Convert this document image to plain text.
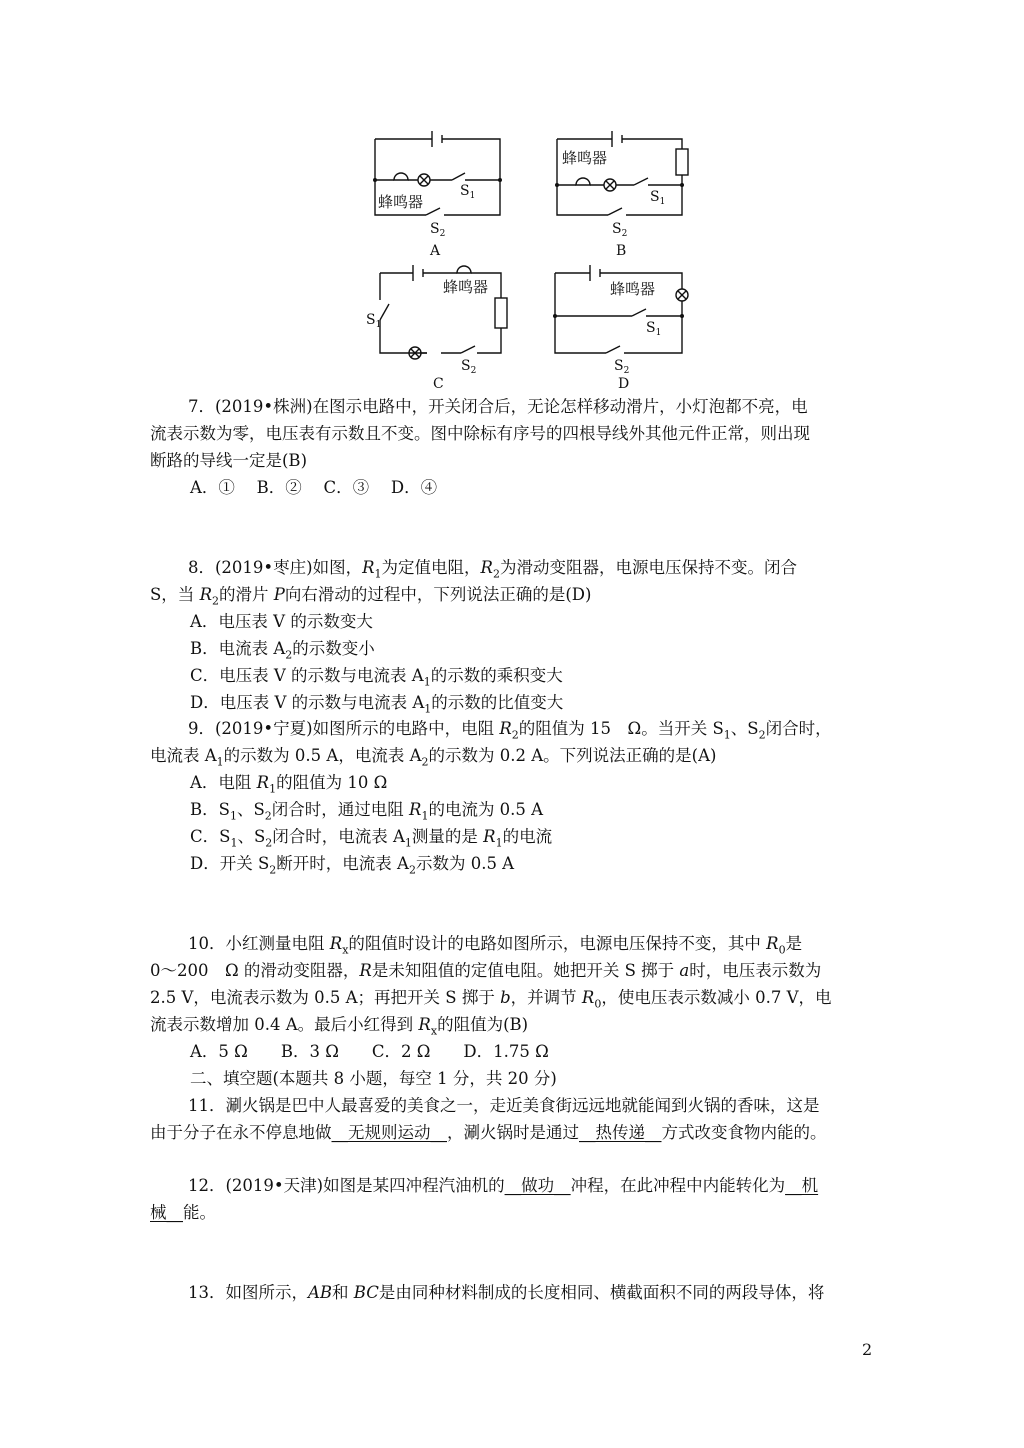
蜂鸣器
$S_1$
$S_2$
A
蜂鸣器
$S_1$
$S_2$
B
蜂鸣器
$S_1$
$S_2$
C
蜂鸣器
$S_1$
$S_2$
D
7．(2019•株洲)在图示电路中，开关闭合后，无论怎样移动滑片，小灯泡都不亮，电
流表示数为零，电压表有示数且不变。图中除标有序号的四根导线外其他元件正常，则出现
断路的导线一定是(B)
A．①　 B．②　 C．③　 D．④
8．(2019•枣庄)如图，$R_1$为定值电阻，$R_2$为滑动变阻器，电源电压保持不变。闭合
S，当 $R_2$的滑片 P向右滑动的过程中，下列说法正确的是(D)
A．电压表 V 的示数变大
B．电流表 $A_2$的示数变小
C．电压表 V 的示数与电流表 $A_1$的示数的乘积变大
D．电压表 V 的示数与电流表 $A_1$的示数的比值变大
9．(2019•宁夏)如图所示的电路中，电阻 $R_2$的阻值为 15　Ω。当开关 $S_1$、$S_2$闭合时，
电流表 $A_1$的示数为 0.5 A，电流表 $A_2$的示数为 0.2 A。下列说法正确的是(A)
A．电阻 $R_1$的阻值为 10 Ω
B．$S_1$、$S_2$闭合时，通过电阻 $R_1$的电流为 0.5 A
C．$S_1$、$S_2$闭合时，电流表 $A_1$测量的是 $R_1$的电流
D．开关 $S_2$断开时，电流表 $A_2$示数为 0.5 A
10．小红测量电阻 $R_x$的阻值时设计的电路如图所示，电源电压保持不变，其中 $R_0$是
0～200　Ω 的滑动变阻器，R是未知阻值的定值电阻。她把开关 S 掷于 a时，电压表示数为
2.5 V，电流表示数为 0.5 A；再把开关 S 掷于 b，并调节 $R_0$，使电压表示数减小 0.7 V，电
流表示数增加 0.4 A。最后小红得到 $R_x$的阻值为(B)
A．5 Ω　　B．3 Ω　　C．2 Ω　　D．1.75 Ω
二、填空题(本题共 8 小题，每空 1 分，共 20 分)
11．涮火锅是巴中人最喜爱的美食之一，走近美食街远远地就能闻到火锅的香味，这是
由于分子在永不停息地做__无规则运动__，涮火锅时是通过__热传递__方式改变食物内能的。
12．(2019•天津)如图是某四冲程汽油机的__做功__冲程，在此冲程中内能转化为__机
械__能。
13．如图所示，AB和 BC是由同种材料制成的长度相同、横截面积不同的两段导体，将
2
